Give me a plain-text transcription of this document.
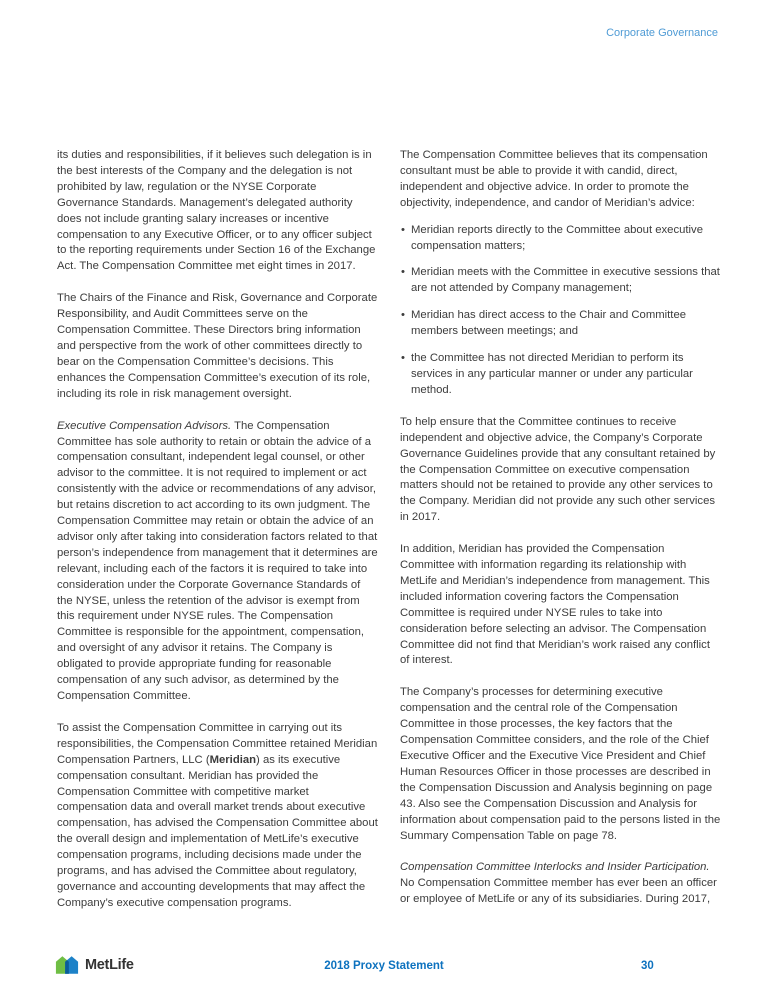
Corporate Governance

its duties and responsibilities, if it believes such delegation is in the best interests of the Company and the delegation is not prohibited by law, regulation or the NYSE Corporate Governance Standards. Management’s delegated authority does not include granting salary increases or incentive compensation to any Executive Officer, or to any officer subject to the reporting requirements under Section 16 of the Exchange Act. The Compensation Committee met eight times in 2017.

The Chairs of the Finance and Risk, Governance and Corporate Responsibility, and Audit Committees serve on the Compensation Committee. These Directors bring information and perspective from the work of other committees directly to bear on the Compensation Committee’s decisions. This enhances the Compensation Committee’s execution of its role, including its role in risk management oversight.

Executive Compensation Advisors. The Compensation Committee has sole authority to retain or obtain the advice of a compensation consultant, independent legal counsel, or other advisor to the committee. It is not required to implement or act consistently with the advice or recommendations of any advisor, but retains discretion to act according to its own judgment. The Compensation Committee may retain or obtain the advice of an advisor only after taking into consideration factors related to that person’s independence from management that it determines are relevant, including each of the factors it is required to take into consideration under the Corporate Governance Standards of the NYSE, unless the retention of the advisor is exempt from this requirement under NYSE rules. The Compensation Committee is responsible for the appointment, compensation, and oversight of any advisor it retains. The Company is obligated to provide appropriate funding for reasonable compensation of any such advisor, as determined by the Compensation Committee.

To assist the Compensation Committee in carrying out its responsibilities, the Compensation Committee retained Meridian Compensation Partners, LLC (Meridian) as its executive compensation consultant. Meridian has provided the Compensation Committee with competitive market compensation data and overall market trends about executive compensation, has advised the Compensation Committee about the overall design and implementation of MetLife’s executive compensation programs, including decisions made under the programs, and has advised the Committee about regulatory, governance and accounting developments that may affect the Company’s executive compensation programs.

The Compensation Committee believes that its compensation consultant must be able to provide it with candid, direct, independent and objective advice. In order to promote the objectivity, independence, and candor of Meridian’s advice:

• Meridian reports directly to the Committee about executive compensation matters;
• Meridian meets with the Committee in executive sessions that are not attended by Company management;
• Meridian has direct access to the Chair and Committee members between meetings; and
• the Committee has not directed Meridian to perform its services in any particular manner or under any particular method.

To help ensure that the Committee continues to receive independent and objective advice, the Company’s Corporate Governance Guidelines provide that any consultant retained by the Compensation Committee on executive compensation matters should not be retained to provide any other services to the Company. Meridian did not provide any such other services in 2017.

In addition, Meridian has provided the Compensation Committee with information regarding its relationship with MetLife and Meridian’s independence from management. This included information covering factors the Compensation Committee is required under NYSE rules to take into consideration before selecting an advisor. The Compensation Committee did not find that Meridian’s work raised any conflict of interest.

The Company’s processes for determining executive compensation and the central role of the Compensation Committee in those processes, the key factors that the Compensation Committee considers, and the role of the Chief Executive Officer and the Executive Vice President and Chief Human Resources Officer in those processes are described in the Compensation Discussion and Analysis beginning on page 43. Also see the Compensation Discussion and Analysis for information about compensation paid to the persons listed in the Summary Compensation Table on page 78.

Compensation Committee Interlocks and Insider Participation. No Compensation Committee member has ever been an officer or employee of MetLife or any of its subsidiaries. During 2017,

MetLife	2018 Proxy Statement	30
